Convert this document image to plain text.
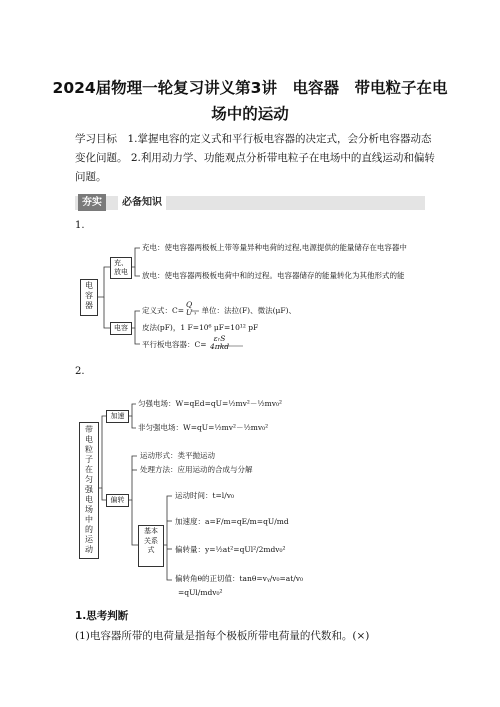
2024届物理一轮复习讲义第3讲　电容器　带电粒子在电
场中的运动
学习目标　 1.掌握电容的定义式和平行板电容器的决定式，会分析电容器动态变化问题。 2.利用动力学、功能观点分析带电粒子在电场中的直线运动和偏转问题。
夯实	必备知识
1.
电容器
充、放电
充电：使电容器两极板上带等量异种电荷的过程,电源提供的能量储存在电容器中
放电：使电容器两极板电荷中和的过程。电容器储存的能量转化为其他形式的能
电容
定义式：C=
Q
U ，单位：法拉(F)、微法(μF)、
皮法(pF)，1 F=10⁶ μF=10¹² pF
平行板电容器：C=
εᵣS
4πkd
2.
带电粒子在匀强电场中的运动
加速
匀强电场：W=qEd=qU=½mv²－½mv₀²
非匀强电场：W=qU=½mv²－½mv₀²
偏转
运动形式：类平抛运动
处理方法：应用运动的合成与分解
基本关系式
运动时间：t=l/v₀
加速度：a=F/m=qE/m=qU/md
偏转量：y=½at²=qUl²/2mdv₀²
偏转角θ的正切值：tanθ=vᵧ/v₀=at/v₀
=qUl/mdv₀²
1.思考判断
(1)电容器所带的电荷量是指每个极板所带电荷量的代数和。(×)
